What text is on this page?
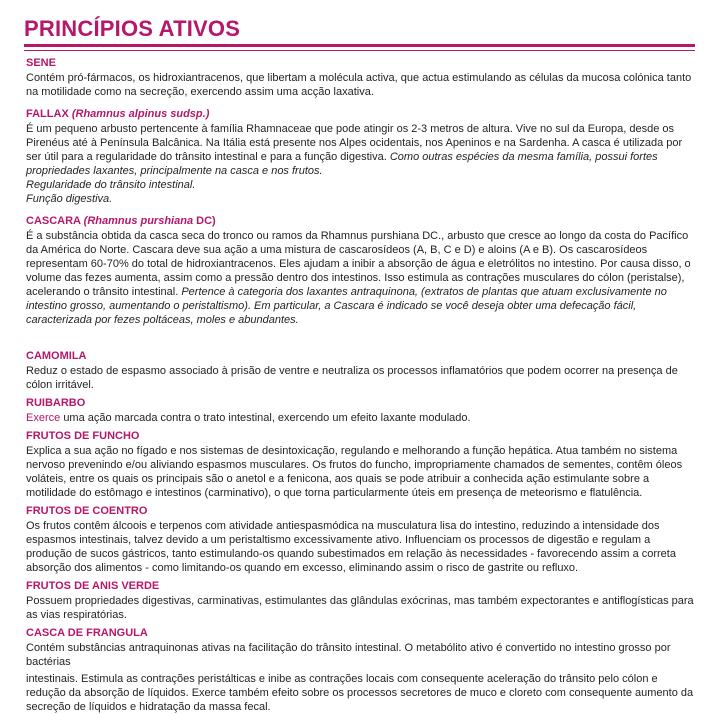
PRINCÍPIOS ATIVOS
SENE

Contém pró-fármacos, os hidroxiantracenos, que libertam a molécula activa, que actua estimulando as células da mucosa colónica tanto na motilidade como na secreção, exercendo assim uma acção laxativa.

FALLAX (Rhamnus alpinus sudsp.)

É um pequeno arbusto pertencente à família Rhamnaceae que pode atingir os 2-3 metros de altura. Vive no sul da Europa, desde os Pirenéus até à Península Balcânica. Na Itália está presente nos Alpes ocidentais, nos Apeninos e na Sardenha. A casca é utilizada por ser útil para a regularidade do trânsito intestinal e para a função digestiva. Como outras espécies da mesma família, possui fortes propriedades laxantes, principalmente na casca e nos frutos.

Regularidade do trânsito intestinal.

Função digestiva.

CASCARA (Rhamnus purshiana DC)

É a substância obtida da casca seca do tronco ou ramos da Rhamnus purshiana DC., arbusto que cresce ao longo da costa do Pacífico da América do Norte. Cascara deve sua ação a uma mistura de cascarosídeos (A, B, C e D) e aloins (A e B). Os cascarosídeos representam 60-70% do total de hidroxiantracenos. Eles ajudam a inibir a absorção de água e eletrólitos no intestino. Por causa disso, o volume das fezes aumenta, assim como a pressão dentro dos intestinos. Isso estimula as contrações musculares do cólon (peristalse), acelerando o trânsito intestinal. Pertence à categoria dos laxantes antraquinona, (extratos de plantas que atuam exclusivamente no intestino grosso, aumentando o peristaltismo). Em particular, a Cascara é indicado se você deseja obter uma defecação fácil, caracterizada por fezes poltáceas, moles e abundantes.

CAMOMILA

Reduz o estado de espasmo associado à prisão de ventre e neutraliza os processos inflamatórios que podem ocorrer na presença de cólon irritável.

RUIBARBO

Exerce uma ação marcada contra o trato intestinal, exercendo um efeito laxante modulado.

FRUTOS DE FUNCHO

Explica a sua ação no fígado e nos sistemas de desintoxicação, regulando e melhorando a função hepática. Atua também no sistema nervoso prevenindo e/ou aliviando espasmos musculares. Os frutos do funcho, impropriamente chamados de sementes, contêm óleos voláteis, entre os quais os principais são o anetol e a fenicona, aos quais se pode atribuir a conhecida ação estimulante sobre a motilidade do estômago e intestinos (carminativo), o que torna particularmente úteis em presença de meteorismo e flatulência.

FRUTOS DE COENTRO

Os frutos contêm álcoois e terpenos com atividade antiespasmódica na musculatura lisa do intestino, reduzindo a intensidade dos espasmos intestinais, talvez devido a um peristaltismo excessivamente ativo. Influenciam os processos de digestão e regulam a produção de sucos gástricos, tanto estimulando-os quando subestimados em relação às necessidades - favorecendo assim a correta absorção dos alimentos - como limitando-os quando em excesso, eliminando assim o risco de gastrite ou refluxo.

FRUTOS DE ANIS VERDE

Possuem propriedades digestivas, carminativas, estimulantes das glândulas exócrinas, mas também expectorantes e antiflogísticas para as vias respiratórias.

CASCA DE FRANGULA

Contém substâncias antraquinonas ativas na facilitação do trânsito intestinal. O metabólito ativo é convertido no intestino grosso por bactérias

intestinais. Estimula as contrações peristálticas e inibe as contrações locais com consequente aceleração do trânsito pelo cólon e redução da absorção de líquidos. Exerce também efeito sobre os processos secretores de muco e cloreto com consequente aumento da secreção de líquidos e hidratação da massa fecal.
